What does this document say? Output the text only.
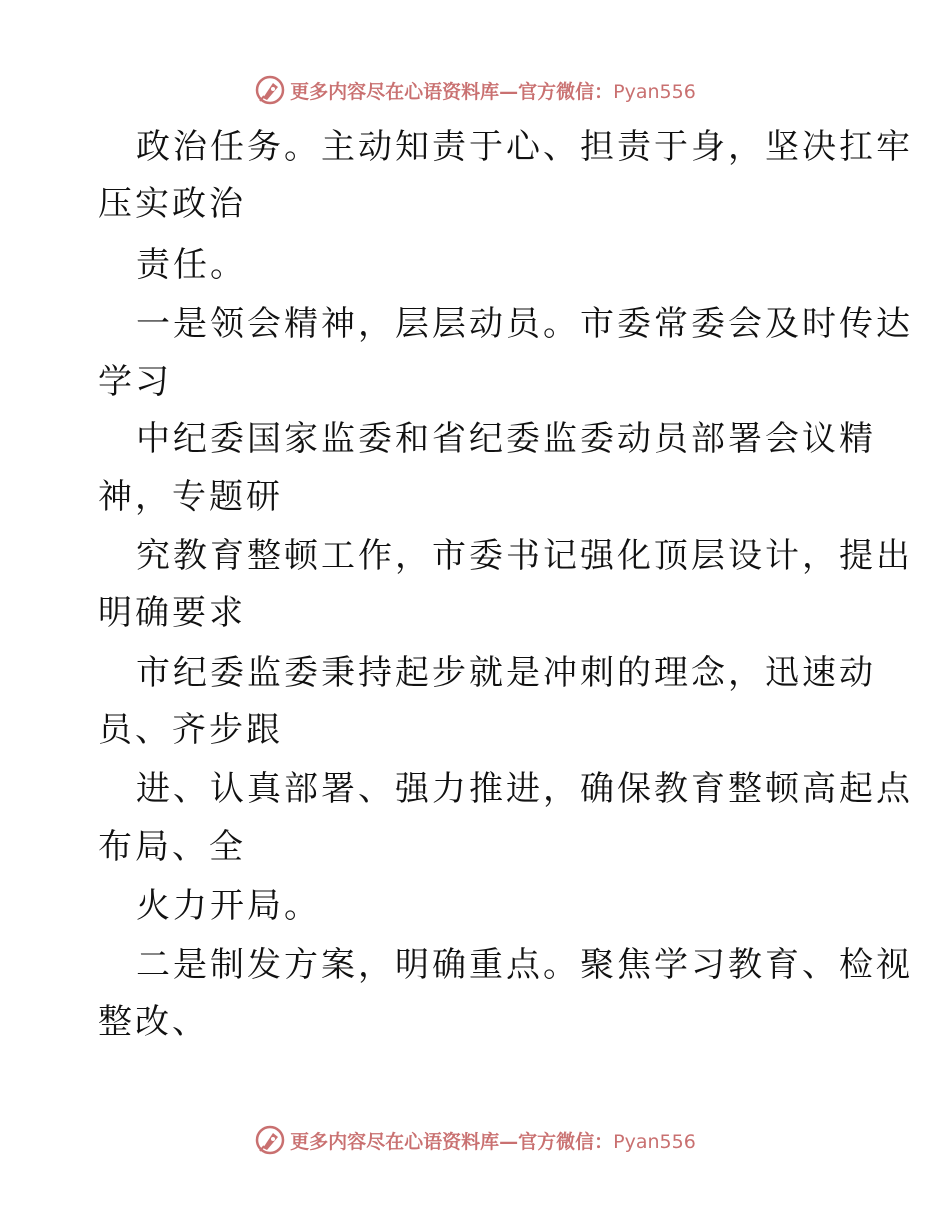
更多内容尽在心语资料库—官方微信：Pyan556
政治任务。主动知责于心、担责于身，坚决扛牢
压实政治
责任。
一是领会精神，层层动员。市委常委会及时传达
学习
中纪委国家监委和省纪委监委动员部署会议精
神，专题研
究教育整顿工作，市委书记强化顶层设计，提出
明确要求
市纪委监委秉持起步就是冲刺的理念，迅速动
员、齐步跟
进、认真部署、强力推进，确保教育整顿高起点
布局、全
火力开局。
二是制发方案，明确重点。聚焦学习教育、检视
整改、
更多内容尽在心语资料库—官方微信：Pyan556
